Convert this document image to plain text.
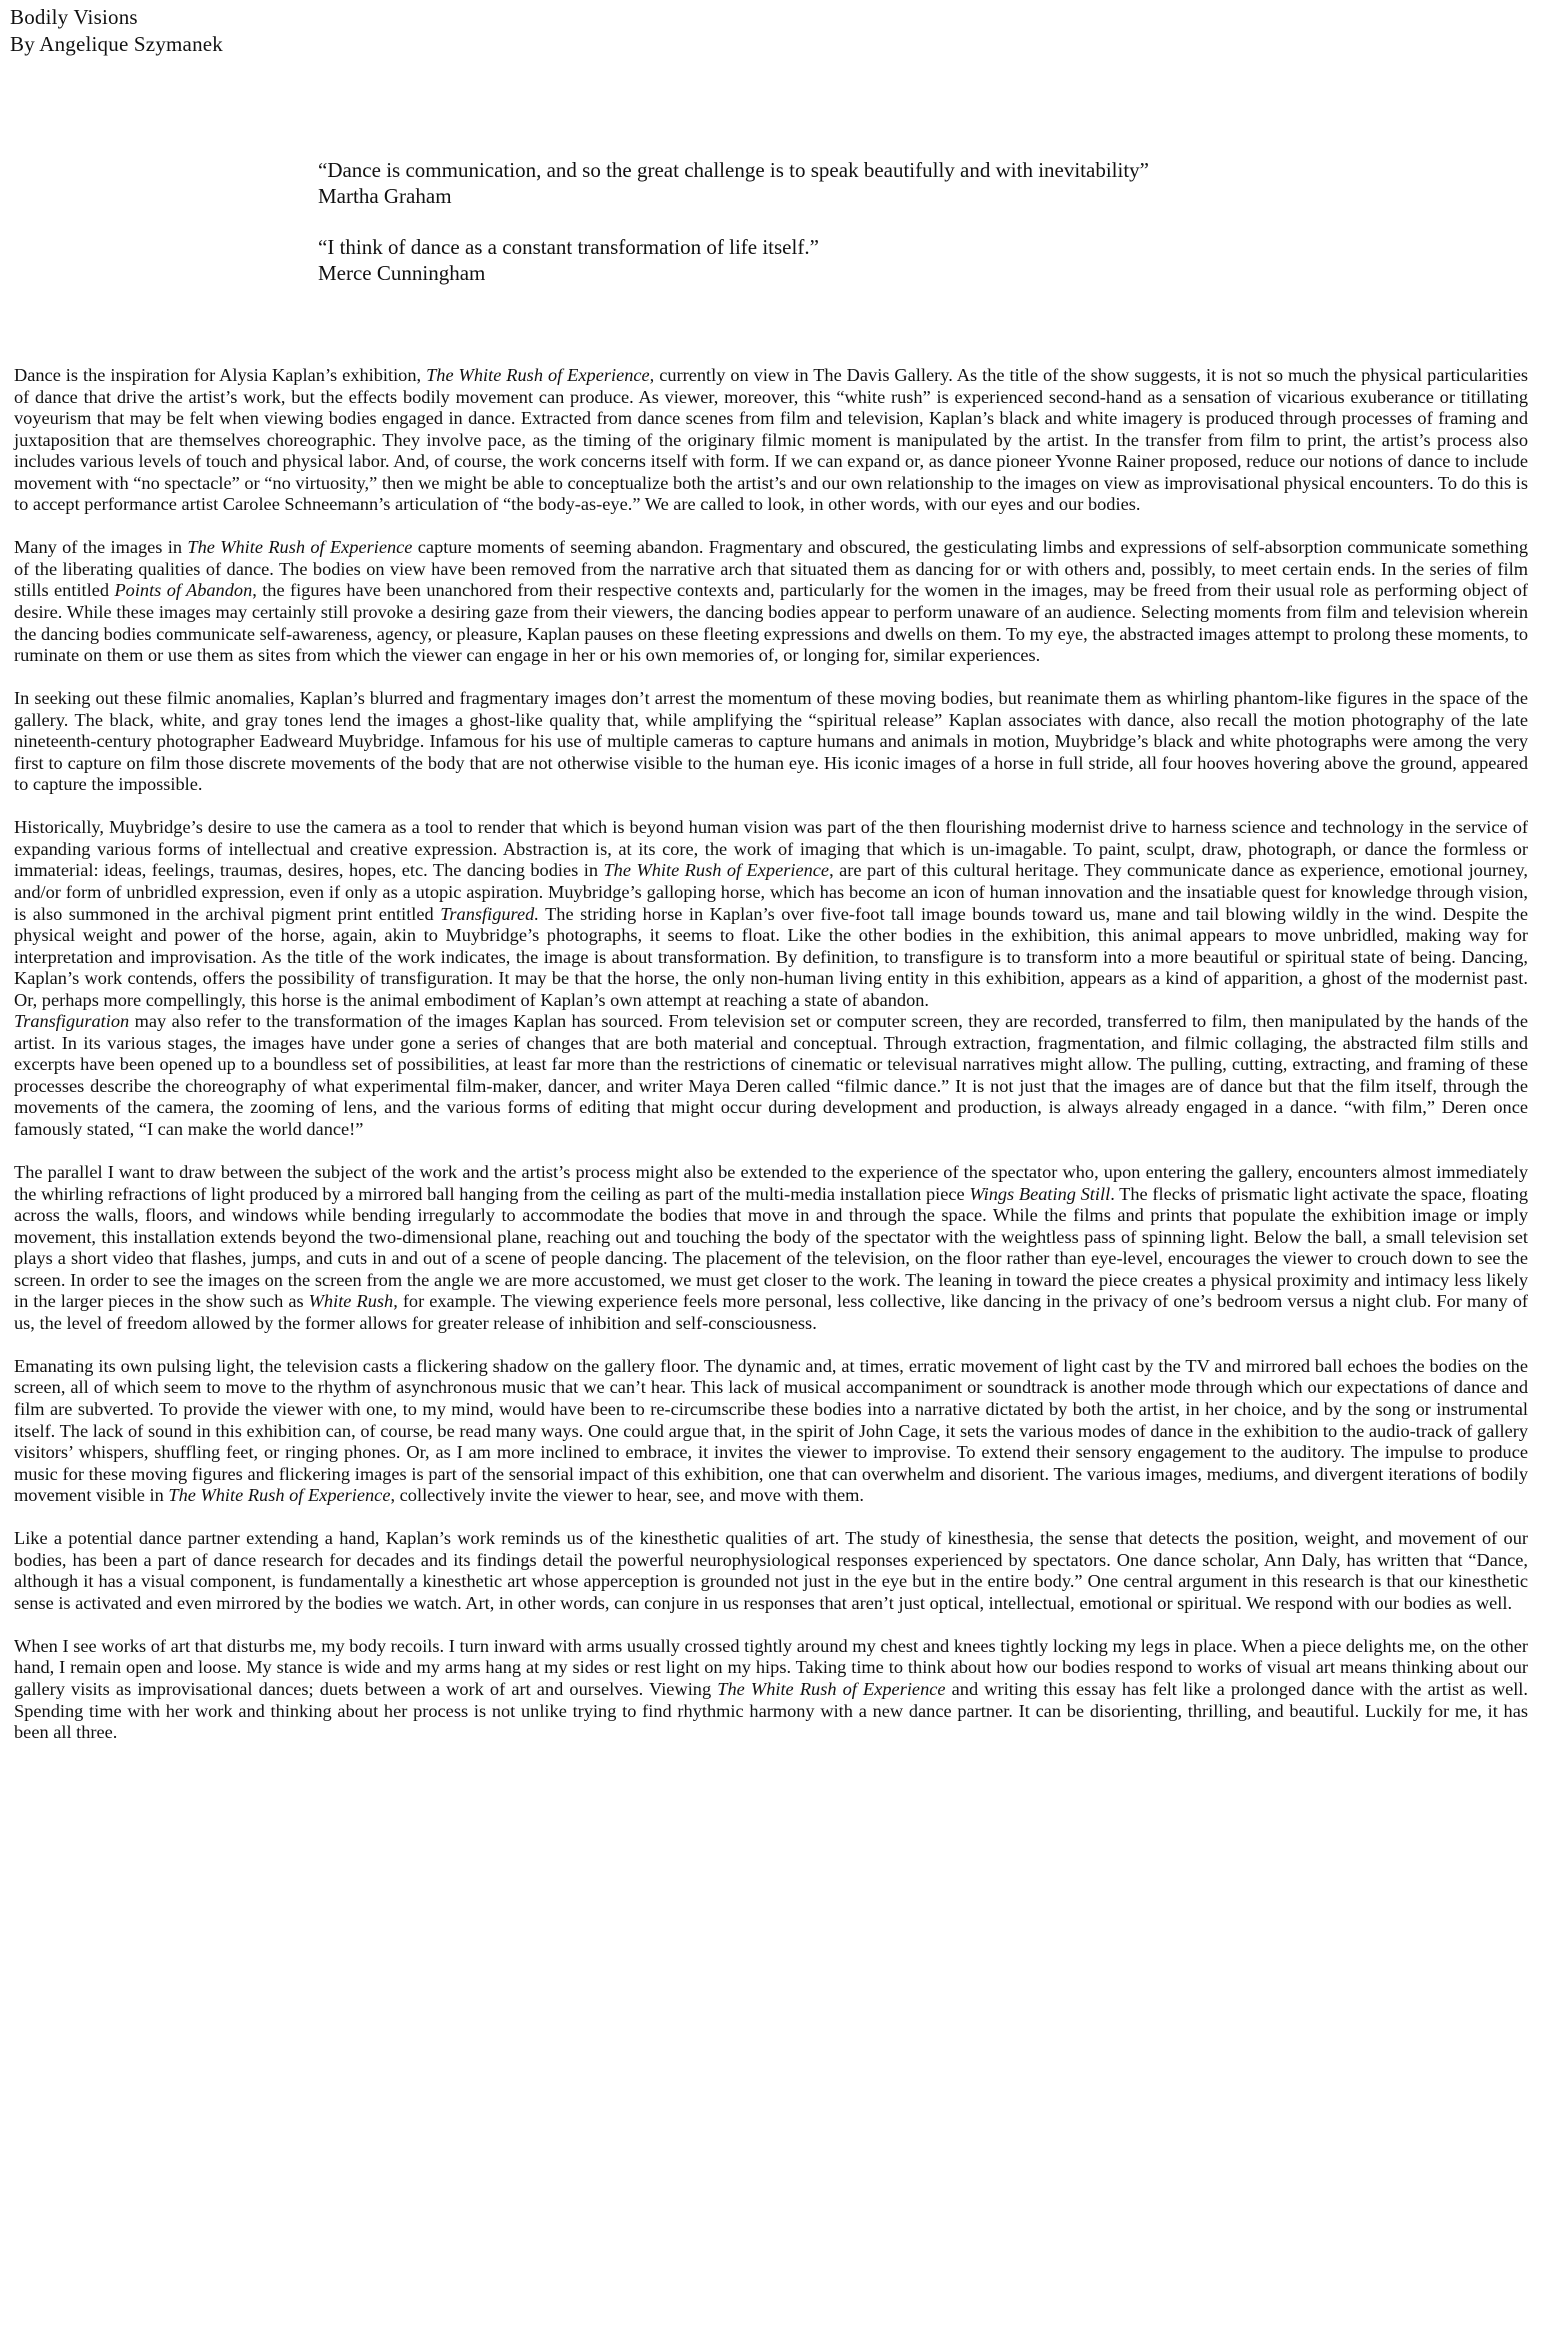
Bodily Visions
By Angelique Szymanek
“Dance is communication, and so the great challenge is to speak beautifully and with inevitability”
Martha Graham
“I think of dance as a constant transformation of life itself.”
Merce Cunningham

Dance is the inspiration for Alysia Kaplan’s exhibition, The White Rush of Experience, currently on view in The Davis Gallery. As the title of the show suggests, it is not so much the physical particularities of dance that drive the artist’s work, but the effects bodily movement can produce. As viewer, moreover, this “white rush” is experienced second-hand as a sensation of vicarious exuberance or titillating voyeurism that may be felt when viewing bodies engaged in dance. Extracted from dance scenes from film and television, Kaplan’s black and white imagery is produced through processes of framing and juxtaposition that are themselves choreographic. They involve pace, as the timing of the originary filmic moment is manipulated by the artist. In the transfer from film to print, the artist’s process also includes various levels of touch and physical labor. And, of course, the work concerns itself with form. If we can expand or, as dance pioneer Yvonne Rainer proposed, reduce our notions of dance to include movement with “no spectacle” or “no virtuosity,” then we might be able to conceptualize both the artist’s and our own relationship to the images on view as improvisational physical encounters. To do this is to accept performance artist Carolee Schneemann’s articulation of “the body-as-eye.” We are called to look, in other words, with our eyes and our bodies.

Many of the images in The White Rush of Experience capture moments of seeming abandon. Fragmentary and obscured, the gesticulating limbs and expressions of self-absorption communicate something of the liberating qualities of dance. The bodies on view have been removed from the narrative arch that situated them as dancing for or with others and, possibly, to meet certain ends. In the series of film stills entitled Points of Abandon, the figures have been unanchored from their respective contexts and, particularly for the women in the images, may be freed from their usual role as performing object of desire. While these images may certainly still provoke a desiring gaze from their viewers, the dancing bodies appear to perform unaware of an audience. Selecting moments from film and television wherein the dancing bodies communicate self-awareness, agency, or pleasure, Kaplan pauses on these fleeting expressions and dwells on them. To my eye, the abstracted images attempt to prolong these moments, to ruminate on them or use them as sites from which the viewer can engage in her or his own memories of, or longing for, similar experiences.

In seeking out these filmic anomalies, Kaplan’s blurred and fragmentary images don’t arrest the momentum of these moving bodies, but reanimate them as whirling phantom-like figures in the space of the gallery. The black, white, and gray tones lend the images a ghost-like quality that, while amplifying the “spiritual release” Kaplan associates with dance, also recall the motion photography of the late nineteenth-century photographer Eadweard Muybridge. Infamous for his use of multiple cameras to capture humans and animals in motion, Muybridge’s black and white photographs were among the very first to capture on film those discrete movements of the body that are not otherwise visible to the human eye. His iconic images of a horse in full stride, all four hooves hovering above the ground, appeared to capture the impossible.

Historically, Muybridge’s desire to use the camera as a tool to render that which is beyond human vision was part of the then flourishing modernist drive to harness science and technology in the service of expanding various forms of intellectual and creative expression. Abstraction is, at its core, the work of imaging that which is un-imagable. To paint, sculpt, draw, photograph, or dance the formless or immaterial: ideas, feelings, traumas, desires, hopes, etc. The dancing bodies in The White Rush of Experience, are part of this cultural heritage. They communicate dance as experience, emotional journey, and/or form of unbridled expression, even if only as a utopic aspiration. Muybridge’s galloping horse, which has become an icon of human innovation and the insatiable quest for knowledge through vision, is also summoned in the archival pigment print entitled Transfigured. The striding horse in Kaplan’s over five-foot tall image bounds toward us, mane and tail blowing wildly in the wind. Despite the physical weight and power of the horse, again, akin to Muybridge’s photographs, it seems to float. Like the other bodies in the exhibition, this animal appears to move unbridled, making way for interpretation and improvisation. As the title of the work indicates, the image is about transformation. By definition, to transfigure is to transform into a more beautiful or spiritual state of being. Dancing, Kaplan’s work contends, offers the possibility of transfiguration. It may be that the horse, the only non-human living entity in this exhibition, appears as a kind of apparition, a ghost of the modernist past. Or, perhaps more compellingly, this horse is the animal embodiment of Kaplan’s own attempt at reaching a state of abandon.

Transfiguration may also refer to the transformation of the images Kaplan has sourced. From television set or computer screen, they are recorded, transferred to film, then manipulated by the hands of the artist. In its various stages, the images have under gone a series of changes that are both material and conceptual. Through extraction, fragmentation, and filmic collaging, the abstracted film stills and excerpts have been opened up to a boundless set of possibilities, at least far more than the restrictions of cinematic or televisual narratives might allow. The pulling, cutting, extracting, and framing of these processes describe the choreography of what experimental film-maker, dancer, and writer Maya Deren called “filmic dance.” It is not just that the images are of dance but that the film itself, through the movements of the camera, the zooming of lens, and the various forms of editing that might occur during development and production, is always already engaged in a dance. “with film,” Deren once famously stated, “I can make the world dance!”

The parallel I want to draw between the subject of the work and the artist’s process might also be extended to the experience of the spectator who, upon entering the gallery, encounters almost immediately the whirling refractions of light produced by a mirrored ball hanging from the ceiling as part of the multi-media installation piece Wings Beating Still. The flecks of prismatic light activate the space, floating across the walls, floors, and windows while bending irregularly to accommodate the bodies that move in and through the space. While the films and prints that populate the exhibition image or imply movement, this installation extends beyond the two-dimensional plane, reaching out and touching the body of the spectator with the weightless pass of spinning light. Below the ball, a small television set plays a short video that flashes, jumps, and cuts in and out of a scene of people dancing. The placement of the television, on the floor rather than eye-level, encourages the viewer to crouch down to see the screen. In order to see the images on the screen from the angle we are more accustomed, we must get closer to the work. The leaning in toward the piece creates a physical proximity and intimacy less likely in the larger pieces in the show such as White Rush, for example. The viewing experience feels more personal, less collective, like dancing in the privacy of one’s bedroom versus a night club. For many of us, the level of freedom allowed by the former allows for greater release of inhibition and self-consciousness.

Emanating its own pulsing light, the television casts a flickering shadow on the gallery floor. The dynamic and, at times, erratic movement of light cast by the TV and mirrored ball echoes the bodies on the screen, all of which seem to move to the rhythm of asynchronous music that we can’t hear. This lack of musical accompaniment or soundtrack is another mode through which our expectations of dance and film are subverted. To provide the viewer with one, to my mind, would have been to re-circumscribe these bodies into a narrative dictated by both the artist, in her choice, and by the song or instrumental itself. The lack of sound in this exhibition can, of course, be read many ways. One could argue that, in the spirit of John Cage, it sets the various modes of dance in the exhibition to the audio-track of gallery visitors’ whispers, shuffling feet, or ringing phones. Or, as I am more inclined to embrace, it invites the viewer to improvise. To extend their sensory engagement to the auditory. The impulse to produce music for these moving figures and flickering images is part of the sensorial impact of this exhibition, one that can overwhelm and disorient. The various images, mediums, and divergent iterations of bodily movement visible in The White Rush of Experience, collectively invite the viewer to hear, see, and move with them.

Like a potential dance partner extending a hand, Kaplan’s work reminds us of the kinesthetic qualities of art. The study of kinesthesia, the sense that detects the position, weight, and movement of our bodies, has been a part of dance research for decades and its findings detail the powerful neurophysiological responses experienced by spectators. One dance scholar, Ann Daly, has written that “Dance, although it has a visual component, is fundamentally a kinesthetic art whose apperception is grounded not just in the eye but in the entire body.” One central argument in this research is that our kinesthetic sense is activated and even mirrored by the bodies we watch. Art, in other words, can conjure in us responses that aren’t just optical, intellectual, emotional or spiritual. We respond with our bodies as well.

When I see works of art that disturbs me, my body recoils. I turn inward with arms usually crossed tightly around my chest and knees tightly locking my legs in place. When a piece delights me, on the other hand, I remain open and loose. My stance is wide and my arms hang at my sides or rest light on my hips. Taking time to think about how our bodies respond to works of visual art means thinking about our gallery visits as improvisational dances; duets between a work of art and ourselves. Viewing The White Rush of Experience and writing this essay has felt like a prolonged dance with the artist as well. Spending time with her work and thinking about her process is not unlike trying to find rhythmic harmony with a new dance partner. It can be disorienting, thrilling, and beautiful. Luckily for me, it has been all three.
